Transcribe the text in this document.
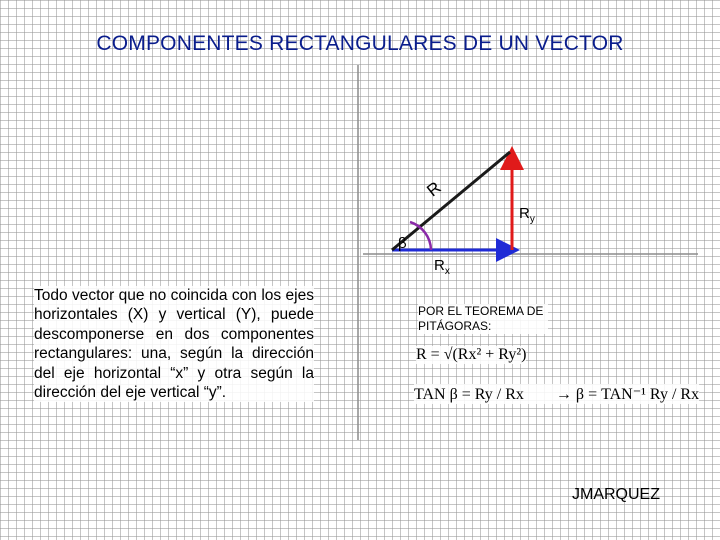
COMPONENTES RECTANGULARES DE UN VECTOR
β
R
$R_y$
$R_x$
Todo vector que no coincida con los ejes horizontales (X) y vertical (Y), puede descomponerse en dos componentes rectangulares: una, según la dirección del eje horizontal “x” y otra según la dirección del eje vertical “y”.
POR EL TEOREMA DE PITÁGORAS:
R = √(Rx² + Ry²)
TAN β = Ry / Rx → β = TAN⁻¹ Ry / Rx
JMARQUEZ
